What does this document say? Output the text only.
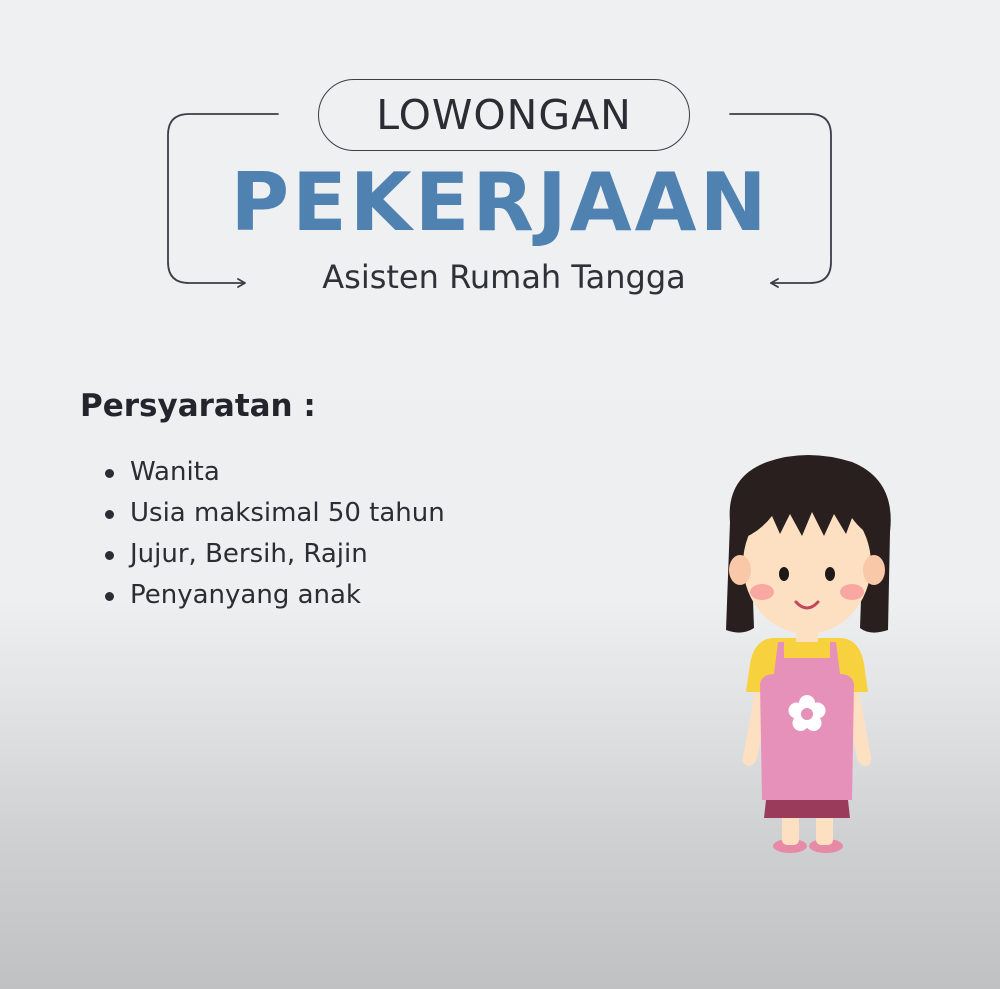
LOWONGAN
PEKERJAAN
Asisten Rumah Tangga
Persyaratan :
Wanita
Usia maksimal 50 tahun
Jujur, Bersih, Rajin
Penyanyang anak
